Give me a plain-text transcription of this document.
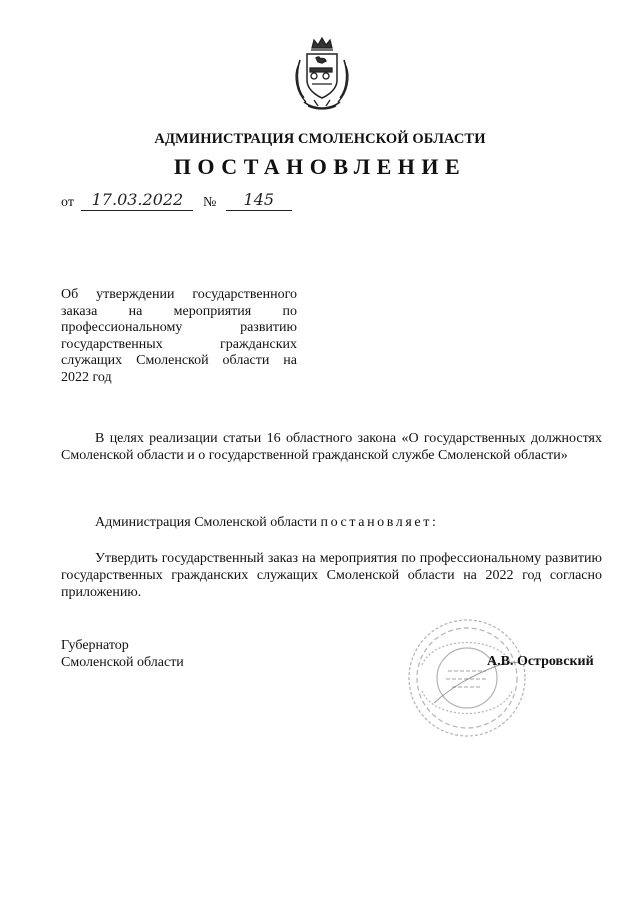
АДМИНИСТРАЦИЯ СМОЛЕНСКОЙ ОБЛАСТИ
ПОСТАНОВЛЕНИЕ
от 17.03.2022 № 145

Об утверждении государственного заказа на мероприятия по профессиональному развитию государственных гражданских служащих Смоленской области на 2022 год

В целях реализации статьи 16 областного закона «О государственных должностях Смоленской области и о государственной гражданской службе Смоленской области»

Администрация Смоленской области постановляет:

Утвердить государственный заказ на мероприятия по профессиональному развитию государственных гражданских служащих Смоленской области на 2022 год согласно приложению.

Губернатор
Смоленской области	А.В. Островский
